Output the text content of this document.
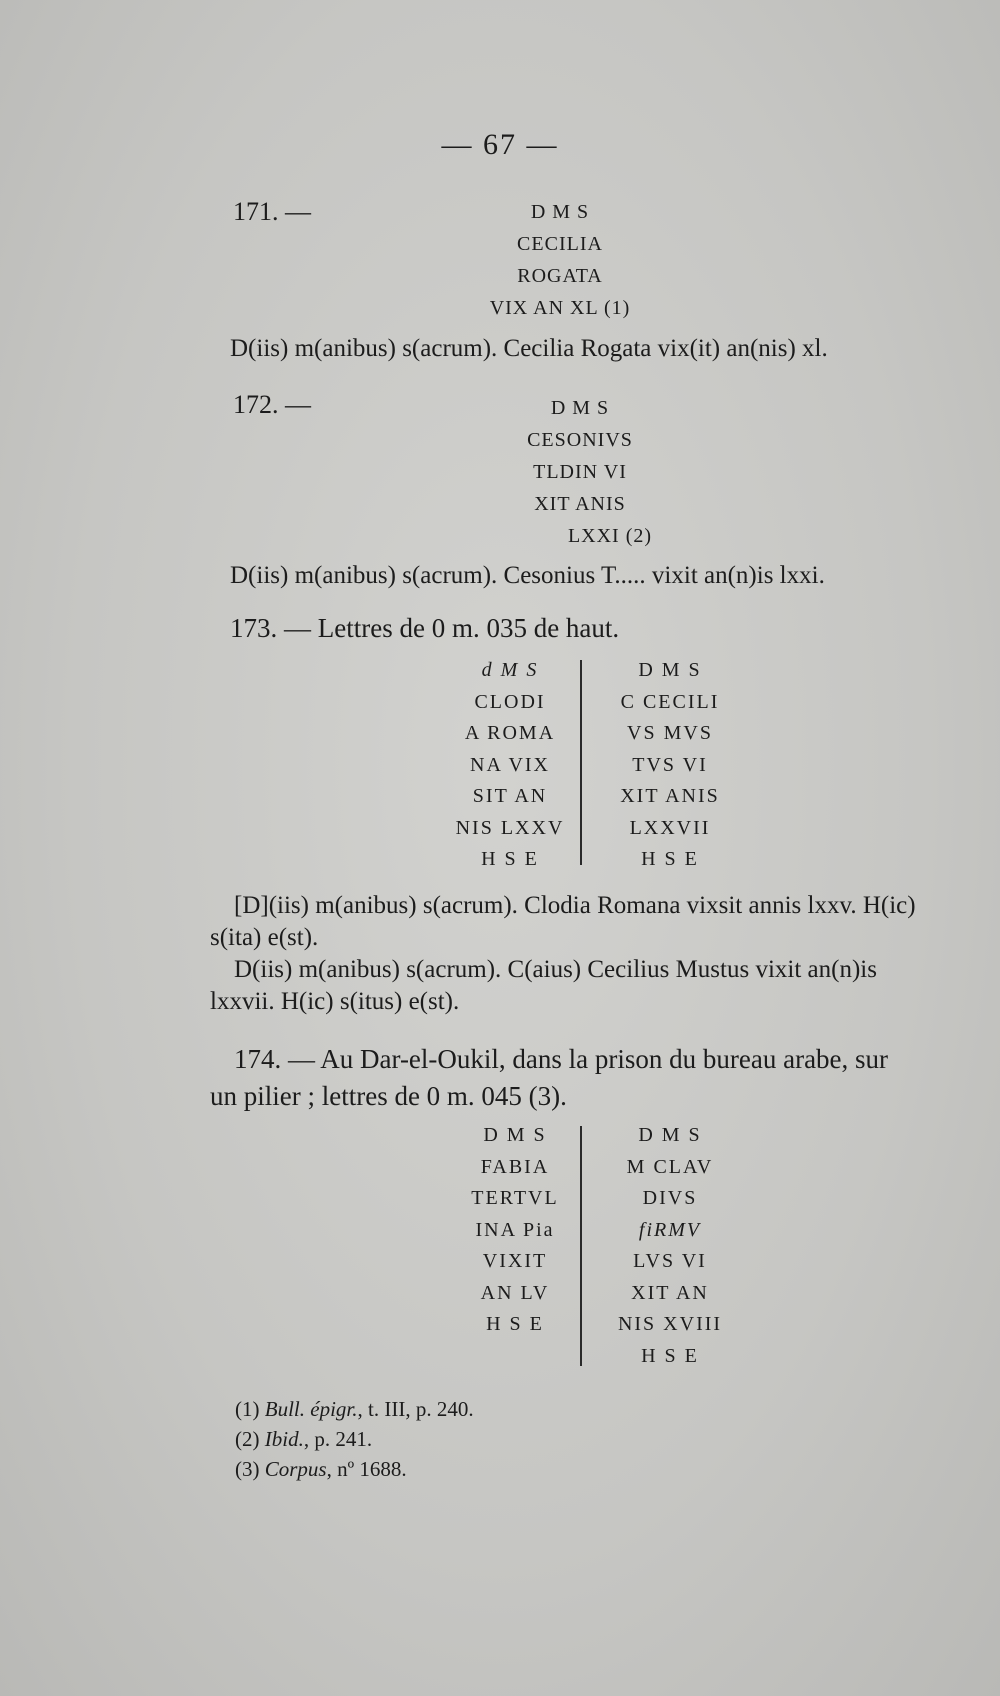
— 67 —
171. —	D M S
CECILIA
ROGATA
VIX AN XL (1)
D(iis) m(anibus) s(acrum). Cecilia Rogata vix(it) an(nis) xl.
172. —	D M S
CESONIVS
TLDIN VI
XIT ANIS
LXXI (2)
D(iis) m(anibus) s(acrum). Cesonius T..... vixit an(n)is lxxi.
173. — Lettres de 0 m. 035 de haut.
d M S
CLODI
A ROMA
NA VIX
SIT AN
NIS LXXV
H S E
D M S
C CECILI
VS MVS
TVS VI
XIT ANIS
LXXVII
H S E
[D](iis) m(anibus) s(acrum). Clodia Romana vixsit annis lxxv. H(ic)
s(ita) e(st).
D(iis) m(anibus) s(acrum). C(aius) Cecilius Mustus vixit an(n)is
lxxvii. H(ic) s(itus) e(st).
174. — Au Dar-el-Oukil, dans la prison du bureau arabe, sur
un pilier ; lettres de 0 m. 045 (3).
D M S
FABIA
TERTVL
INA Pia
VIXIT
AN LV
H S E
D M S
M CLAV
DIVS
fiRMV
LVS VI
XIT AN
NIS XVIII
H S E
(1) Bull. épigr., t. III, p. 240.
(2) Ibid., p. 241.
(3) Corpus, nº 1688.
